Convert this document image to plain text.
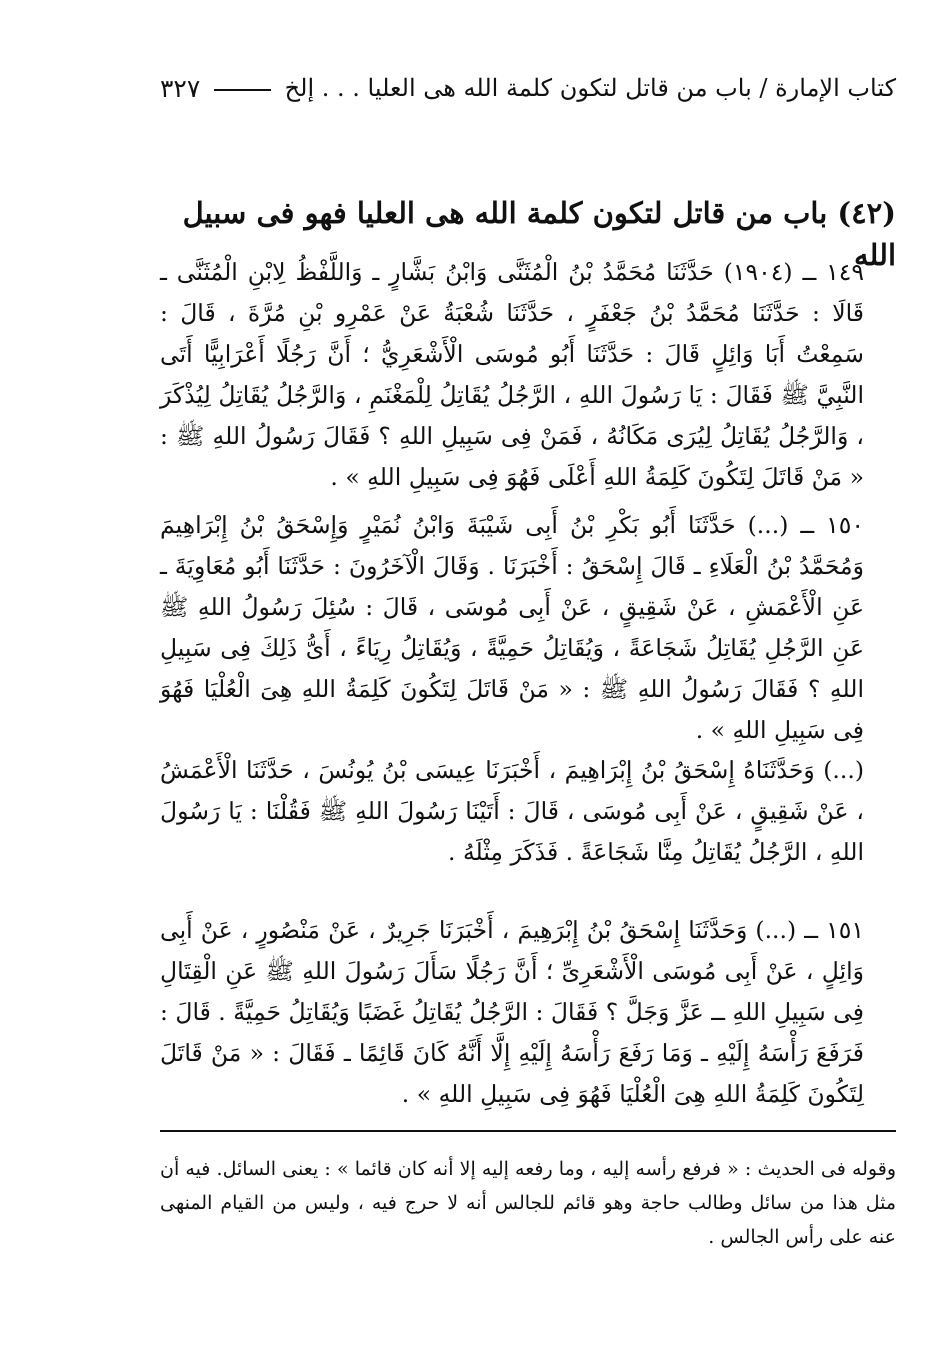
كتاب الإمارة / باب من قاتل لتكون كلمة الله هى العليا . . . إلخ
٣٢٧
(٤٢) باب من قاتل لتكون كلمة الله هى العليا فهو فى سبيل الله
١٤٩ ــ (١٩٠٤) حَدَّثَنَا مُحَمَّدُ بْنُ الْمُثَنَّى وَابْنُ بَشَّارٍ ـ وَاللَّفْظُ لِابْنِ الْمُثَنَّى ـ قَالَا : حَدَّثَنَا مُحَمَّدُ بْنُ جَعْفَرٍ ، حَدَّثَنَا شُعْبَةُ عَنْ عَمْرِو بْنِ مُرَّةَ ، قَالَ : سَمِعْتُ أَبَا وَائِلٍ قَالَ : حَدَّثَنَا أَبُو مُوسَى الْأَشْعَرِيُّ ؛ أَنَّ رَجُلًا أَعْرَابِيًّا أَتَى النَّبِيَّ ﷺ فَقَالَ : يَا رَسُولَ اللهِ ، الرَّجُلُ يُقَاتِلُ لِلْمَغْنَمِ ، وَالرَّجُلُ يُقَاتِلُ لِيُذْكَرَ ، وَالرَّجُلُ يُقَاتِلُ لِيُرَى مَكَانُهُ ، فَمَنْ فِى سَبِيلِ اللهِ ؟ فَقَالَ رَسُولُ اللهِ ﷺ : « مَنْ قَاتَلَ لِتَكُونَ كَلِمَةُ اللهِ أَعْلَى فَهُوَ فِى سَبِيلِ اللهِ » .
١٥٠ ــ (...) حَدَّثَنَا أَبُو بَكْرِ بْنُ أَبِى شَيْبَةَ وَابْنُ نُمَيْرٍ وَإِسْحَقُ بْنُ إِبْرَاهِيمَ وَمُحَمَّدُ بْنُ الْعَلَاءِ ـ قَالَ إِسْحَقُ : أَخْبَرَنَا . وَقَالَ الْآخَرُونَ : حَدَّثَنَا أَبُو مُعَاوِيَةَ ـ عَنِ الْأَعْمَشِ ، عَنْ شَقِيقٍ ، عَنْ أَبِى مُوسَى ، قَالَ : سُئِلَ رَسُولُ اللهِ ﷺ عَنِ الرَّجُلِ يُقَاتِلُ شَجَاعَةً ، وَيُقَاتِلُ حَمِيَّةً ، وَيُقَاتِلُ رِيَاءً ، أَىُّ ذَلِكَ فِى سَبِيلِ اللهِ ؟ فَقَالَ رَسُولُ اللهِ ﷺ : « مَنْ قَاتَلَ لِتَكُونَ كَلِمَةُ اللهِ هِىَ الْعُلْيَا فَهُوَ فِى سَبِيلِ اللهِ » .
(...) وَحَدَّثَنَاهُ إِسْحَقُ بْنُ إِبْرَاهِيمَ ، أَخْبَرَنَا عِيسَى بْنُ يُونُسَ ، حَدَّثَنَا الْأَعْمَشُ ، عَنْ شَقِيقٍ ، عَنْ أَبِى مُوسَى ، قَالَ : أَتَيْنَا رَسُولَ اللهِ ﷺ فَقُلْنَا : يَا رَسُولَ اللهِ ، الرَّجُلُ يُقَاتِلُ مِنَّا شَجَاعَةً . فَذَكَرَ مِثْلَهُ .
١٥١ ــ (...) وَحَدَّثَنَا إِسْحَقُ بْنُ إِبْرَهِيمَ ، أَخْبَرَنَا جَرِيرٌ ، عَنْ مَنْصُورٍ ، عَنْ أَبِى وَائِلٍ ، عَنْ أَبِى مُوسَى الْأَشْعَرِىِّ ؛ أَنَّ رَجُلًا سَأَلَ رَسُولَ اللهِ ﷺ عَنِ الْقِتَالِ فِى سَبِيلِ اللهِ ــ عَزَّ وَجَلَّ ؟ فَقَالَ : الرَّجُلُ يُقَاتِلُ غَضَبًا وَيُقَاتِلُ حَمِيَّةً . قَالَ : فَرَفَعَ رَأْسَهُ إِلَيْهِ ـ وَمَا رَفَعَ رَأْسَهُ إِلَيْهِ إِلَّا أَنَّهُ كَانَ قَائِمًا ـ فَقَالَ : « مَنْ قَاتَلَ لِتَكُونَ كَلِمَةُ اللهِ هِىَ الْعُلْيَا فَهُوَ فِى سَبِيلِ اللهِ » .
وقوله فى الحديث : « فرفع رأسه إليه ، وما رفعه إليه إلا أنه كان قائما » : يعنى السائل. فيه أن مثل هذا من سائل وطالب حاجة وهو قائم للجالس أنه لا حرج فيه ، وليس من القيام المنهى عنه على رأس الجالس .
